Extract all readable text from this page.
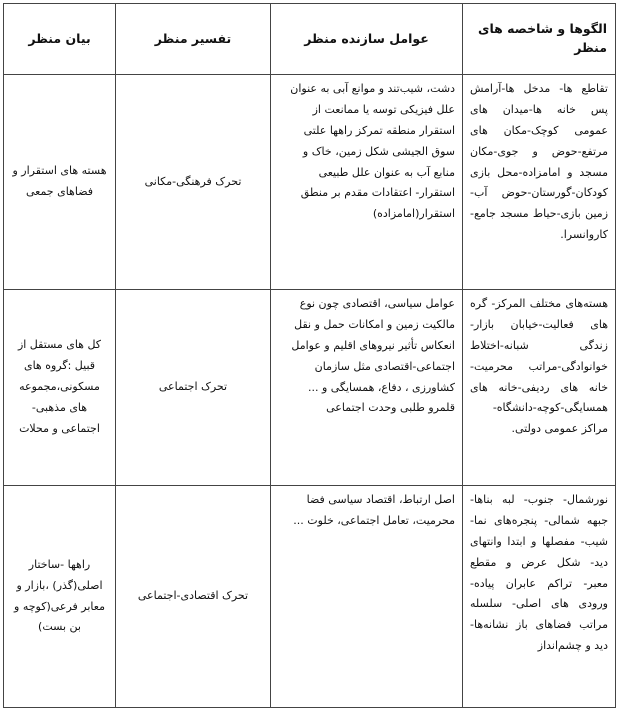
الگوها و شاخصه های منظر	عوامل سازنده منظر	تفسیر منظر	بیان منظر
تقاطع ها- مدخل ها-آرامش پس خانه ها-میدان های عمومی کوچک-مکان های مرتفع-حوض و جوی-مکان مسجد و امامزاده-محل بازی کودکان-گورستان-حوض آب-زمین بازی-حیاط مسجد جامع-کاروانسرا.	دشت، شیب‌تند و موانع آبی به عنوان علل فیزیکی توسه یا ممانعت از استقرار منطقه تمرکز راهها علتی سوق الجیشی شکل زمین، خاک و منابع آب به عنوان علل طبیعی استقرار- اعتقادات مقدم بر منطق استقرار(امامزاده)	تحرک فرهنگی-مکانی	هسته های استقرار و فضاهای جمعی
هسته‌های مختلف المرکز- گره های فعالیت-خیابان بازار-زندگی شبانه-اختلاط خوانوادگی-مراتب محرمیت-خانه های ردیفی-خانه های همسایگی-کوچه-دانشگاه-مراکز عمومی دولتی.	عوامل سیاسی، اقتصادی چون نوع مالکیت زمین و امکانات حمل و نقل انعکاس تأثیر نیروهای اقلیم و عوامل اجتماعی-اقتصادی مثل سازمان کشاورزی ، دفاع، همسایگی و ... قلمرو طلبی وحدت اجتماعی	تحرک اجتماعی	کل های مستقل از قبیل :گروه های مسکونی،مجموعه های مذهبی- اجتماعی و محلات
نورشمال- جنوب- لبه بناها- جبهه شمالی- پنجره‌های نما- شیب- مفصلها و ابتدا وانتهای دید- شکل عرض و مقطع معبر- تراکم عابران پیاده- ورودی های اصلی- سلسله مراتب فضاهای باز نشانه‌ها- دید و چشم‌انداز	اصل ارتباط، اقتصاد سیاسی فضا محرمیت، تعامل اجتماعی، خلوت ...	تحرک اقتصادی-اجتماعی	راهها -ساختار اصلی(گذر) ،بازار و معابر فرعی(کوچه و بن بست)
